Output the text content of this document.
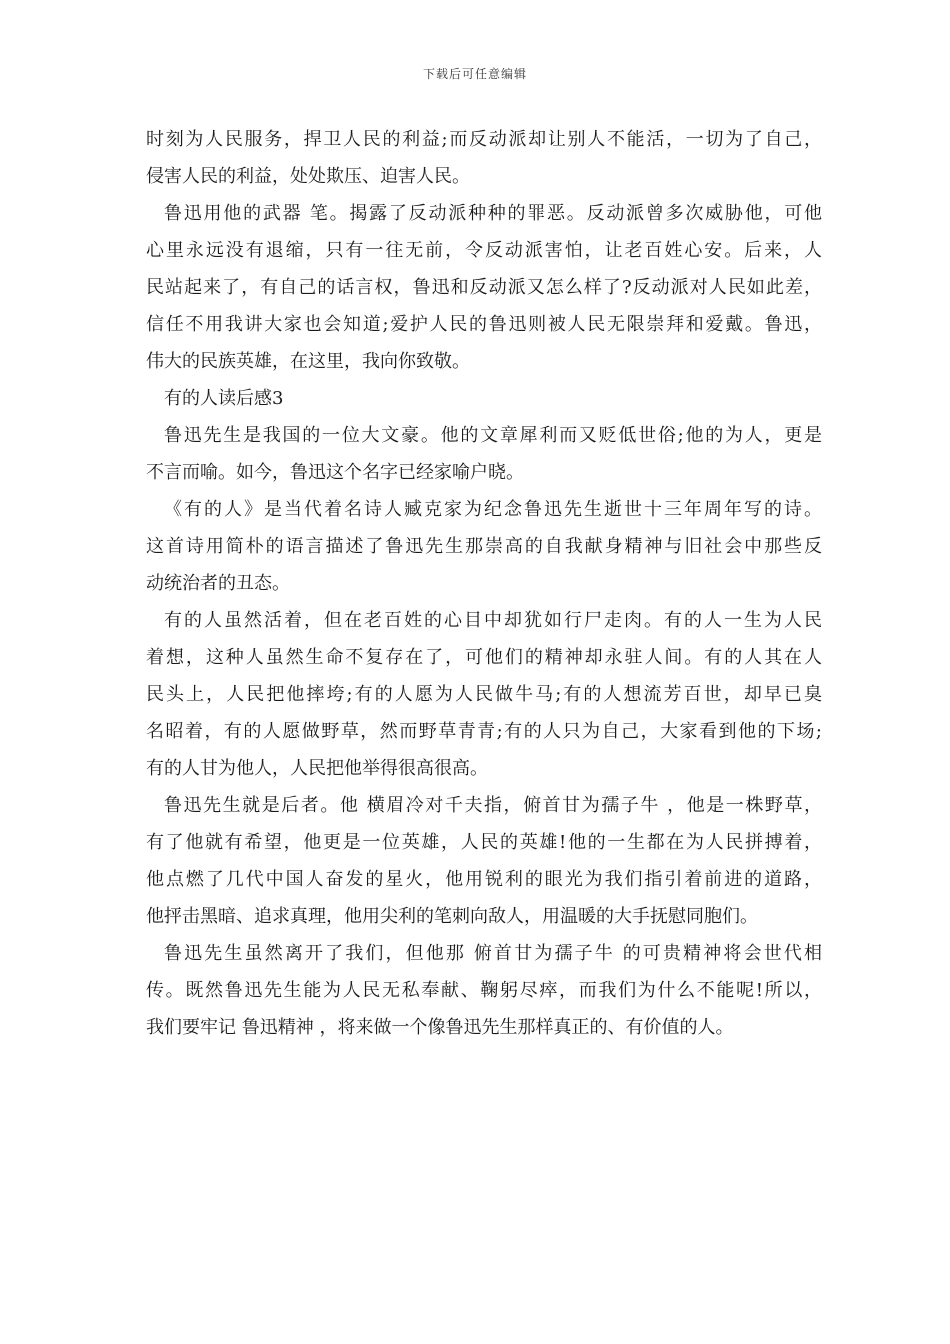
下载后可任意编辑
时刻为人民服务，捍卫人民的利益;而反动派却让别人不能活，一切为了自己，
侵害人民的利益，处处欺压、迫害人民。
鲁迅用他的武器 笔。揭露了反动派种种的罪恶。反动派曾多次威胁他，可他
心里永远没有退缩，只有一往无前，令反动派害怕，让老百姓心安。后来，人
民站起来了，有自己的话言权，鲁迅和反动派又怎么样了?反动派对人民如此差，
信任不用我讲大家也会知道;爱护人民的鲁迅则被人民无限崇拜和爱戴。鲁迅，
伟大的民族英雄，在这里，我向你致敬。
有的人读后感3
鲁迅先生是我国的一位大文豪。他的文章犀利而又贬低世俗;他的为人，更是
不言而喻。如今，鲁迅这个名字已经家喻户晓。
《有的人》是当代着名诗人臧克家为纪念鲁迅先生逝世十三年周年写的诗。
这首诗用简朴的语言描述了鲁迅先生那崇高的自我献身精神与旧社会中那些反
动统治者的丑态。
有的人虽然活着，但在老百姓的心目中却犹如行尸走肉。有的人一生为人民
着想，这种人虽然生命不复存在了，可他们的精神却永驻人间。有的人其在人
民头上，人民把他摔垮;有的人愿为人民做牛马;有的人想流芳百世，却早已臭
名昭着，有的人愿做野草，然而野草青青;有的人只为自己，大家看到他的下场;
有的人甘为他人，人民把他举得很高很高。
鲁迅先生就是后者。他 横眉冷对千夫指，俯首甘为孺子牛 ，他是一株野草，
有了他就有希望，他更是一位英雄，人民的英雄!他的一生都在为人民拼搏着，
他点燃了几代中国人奋发的星火，他用锐利的眼光为我们指引着前进的道路，
他抨击黑暗、追求真理，他用尖利的笔刺向敌人，用温暖的大手抚慰同胞们。
鲁迅先生虽然离开了我们，但他那 俯首甘为孺子牛 的可贵精神将会世代相
传。既然鲁迅先生能为人民无私奉献、鞠躬尽瘁，而我们为什么不能呢!所以，
我们要牢记 鲁迅精神 ，将来做一个像鲁迅先生那样真正的、有价值的人。
